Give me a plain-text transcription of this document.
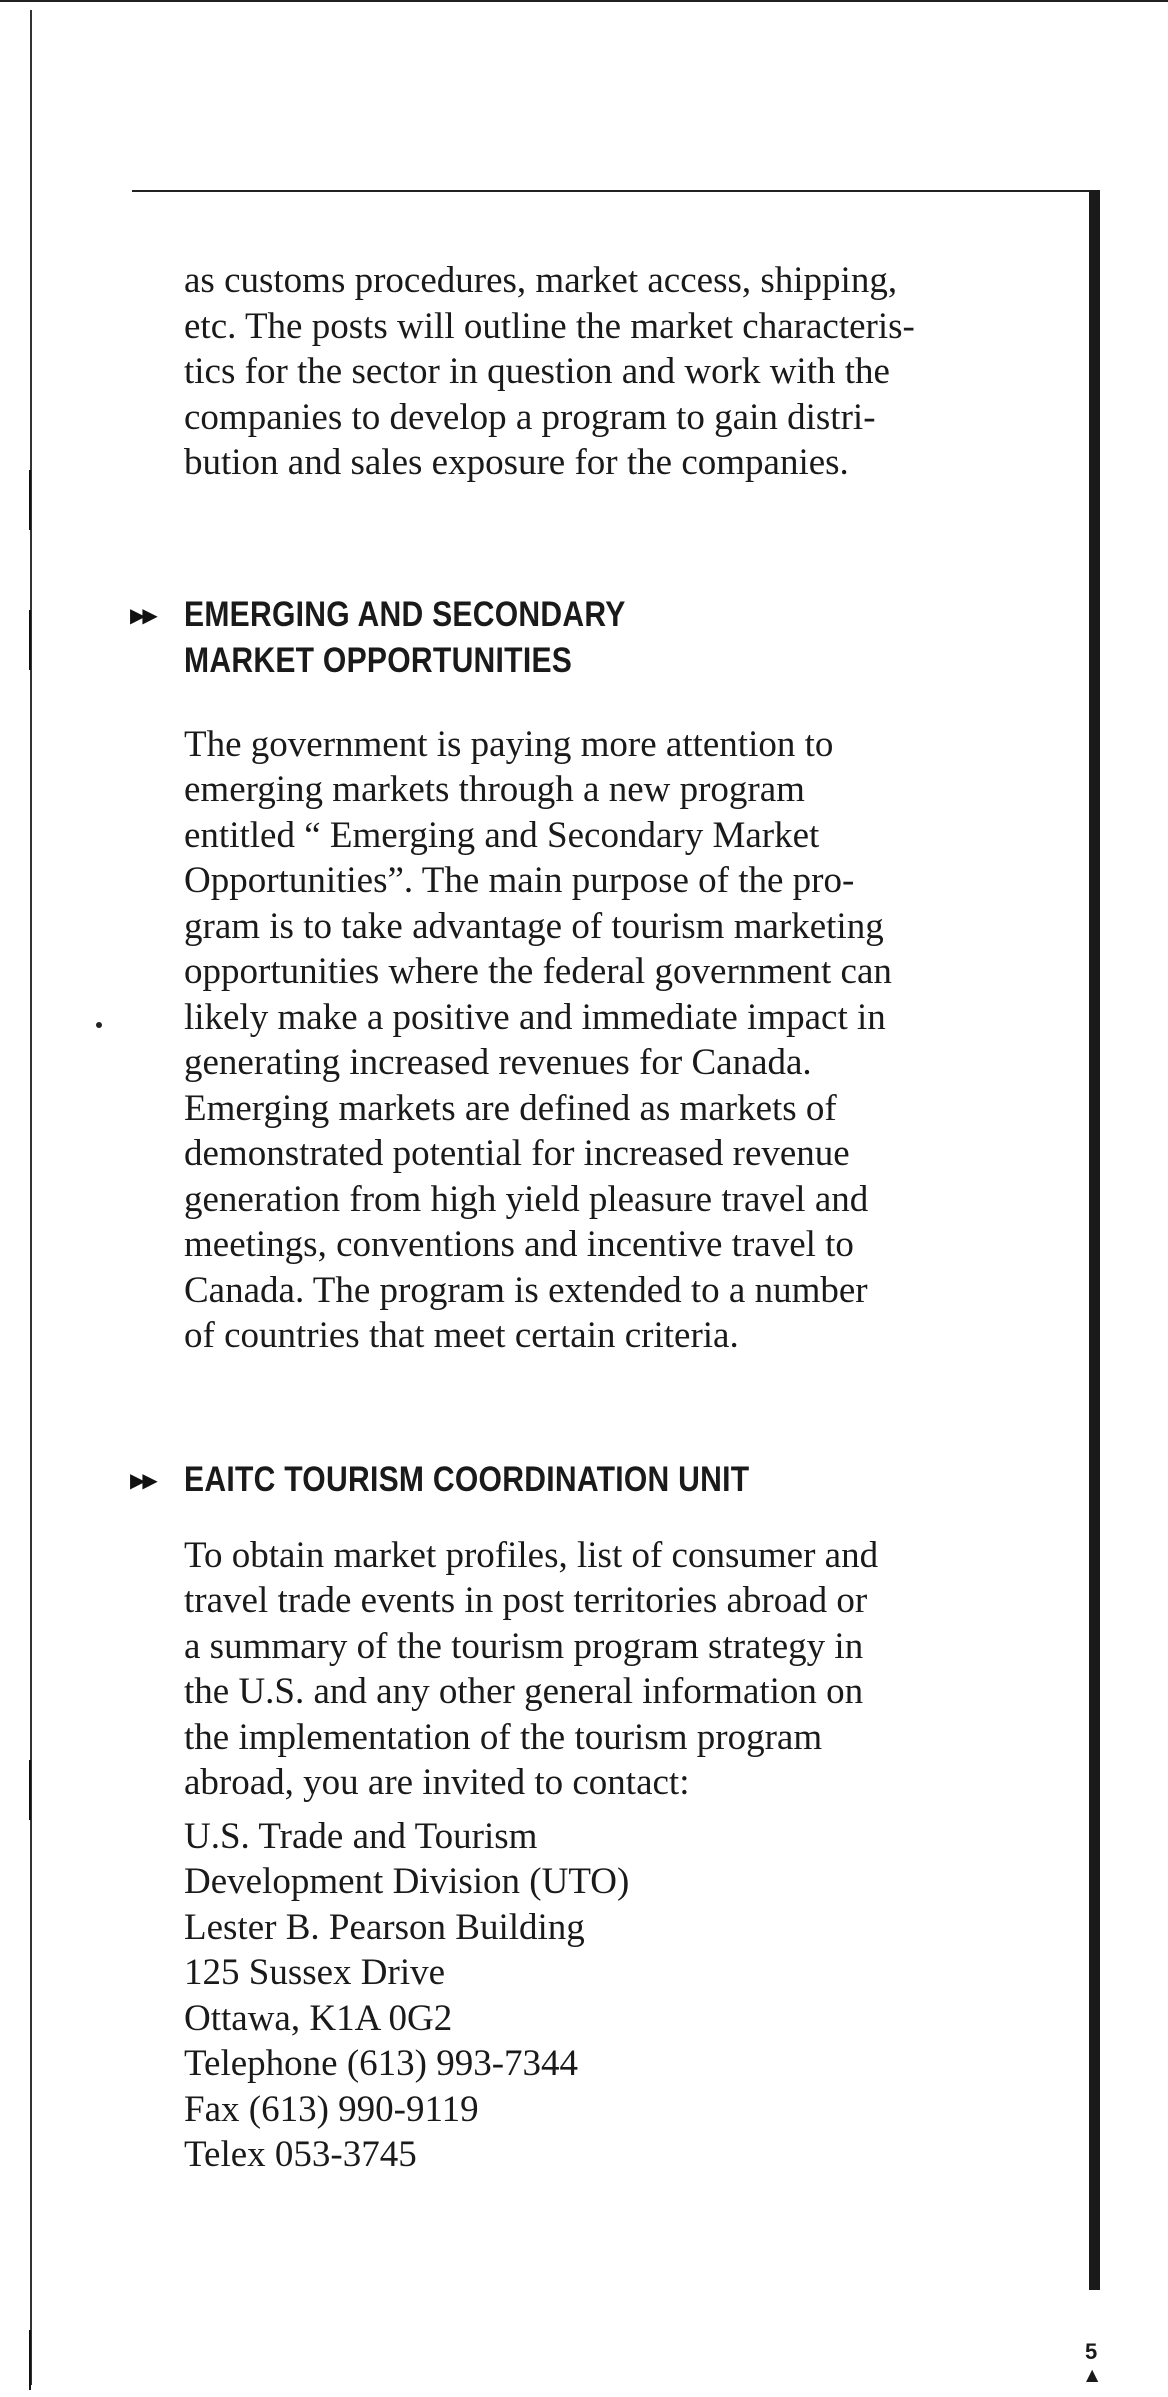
as customs procedures, market access, shipping,
etc. The posts will outline the market characteris-
tics for the sector in question and work with the
companies to develop a program to gain distri-
bution and sales exposure for the companies.
▶▶ EMERGING AND SECONDARY
MARKET OPPORTUNITIES
The government is paying more attention to
emerging markets through a new program
entitled “ Emerging and Secondary Market
Opportunities”. The main purpose of the pro-
gram is to take advantage of tourism marketing
opportunities where the federal government can
likely make a positive and immediate impact in
generating increased revenues for Canada.
Emerging markets are defined as markets of
demonstrated potential for increased revenue
generation from high yield pleasure travel and
meetings, conventions and incentive travel to
Canada. The program is extended to a number
of countries that meet certain criteria.
▶▶ EAITC TOURISM COORDINATION UNIT
To obtain market profiles, list of consumer and
travel trade events in post territories abroad or
a summary of the tourism program strategy in
the U.S. and any other general information on
the implementation of the tourism program
abroad, you are invited to contact:
U.S. Trade and Tourism
Development Division (UTO)
Lester B. Pearson Building
125 Sussex Drive
Ottawa, K1A 0G2
Telephone (613) 993-7344
Fax (613) 990-9119
Telex 053-3745
5
▲
